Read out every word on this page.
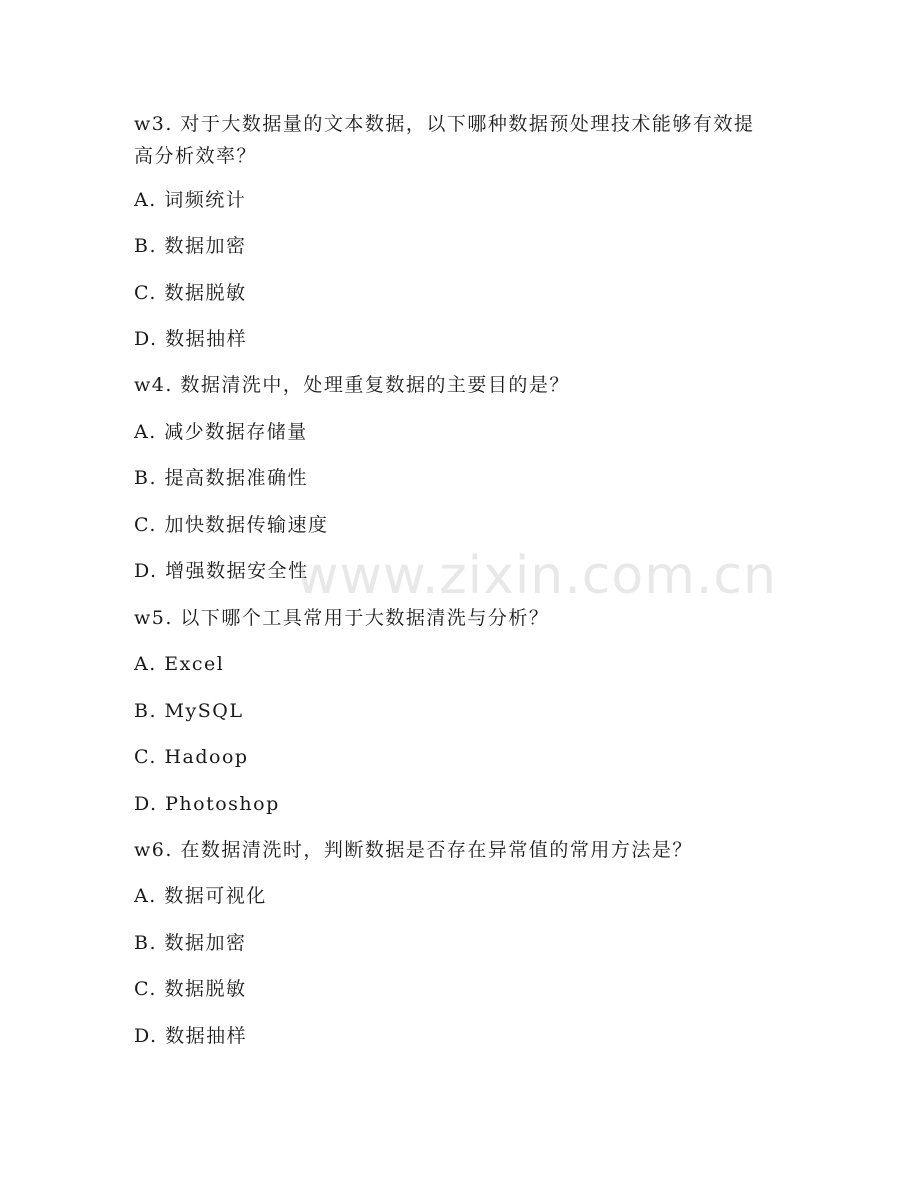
w3. 对于大数据量的文本数据，以下哪种数据预处理技术能够有效提高分析效率？
A. 词频统计
B. 数据加密
C. 数据脱敏
D. 数据抽样
w4. 数据清洗中，处理重复数据的主要目的是？
A. 减少数据存储量
B. 提高数据准确性
C. 加快数据传输速度
D. 增强数据安全性
w5. 以下哪个工具常用于大数据清洗与分析？
A. Excel
B. MySQL
C. Hadoop
D. Photoshop
w6. 在数据清洗时，判断数据是否存在异常值的常用方法是？
A. 数据可视化
B. 数据加密
C. 数据脱敏
D. 数据抽样
www.zixin.com.cn
